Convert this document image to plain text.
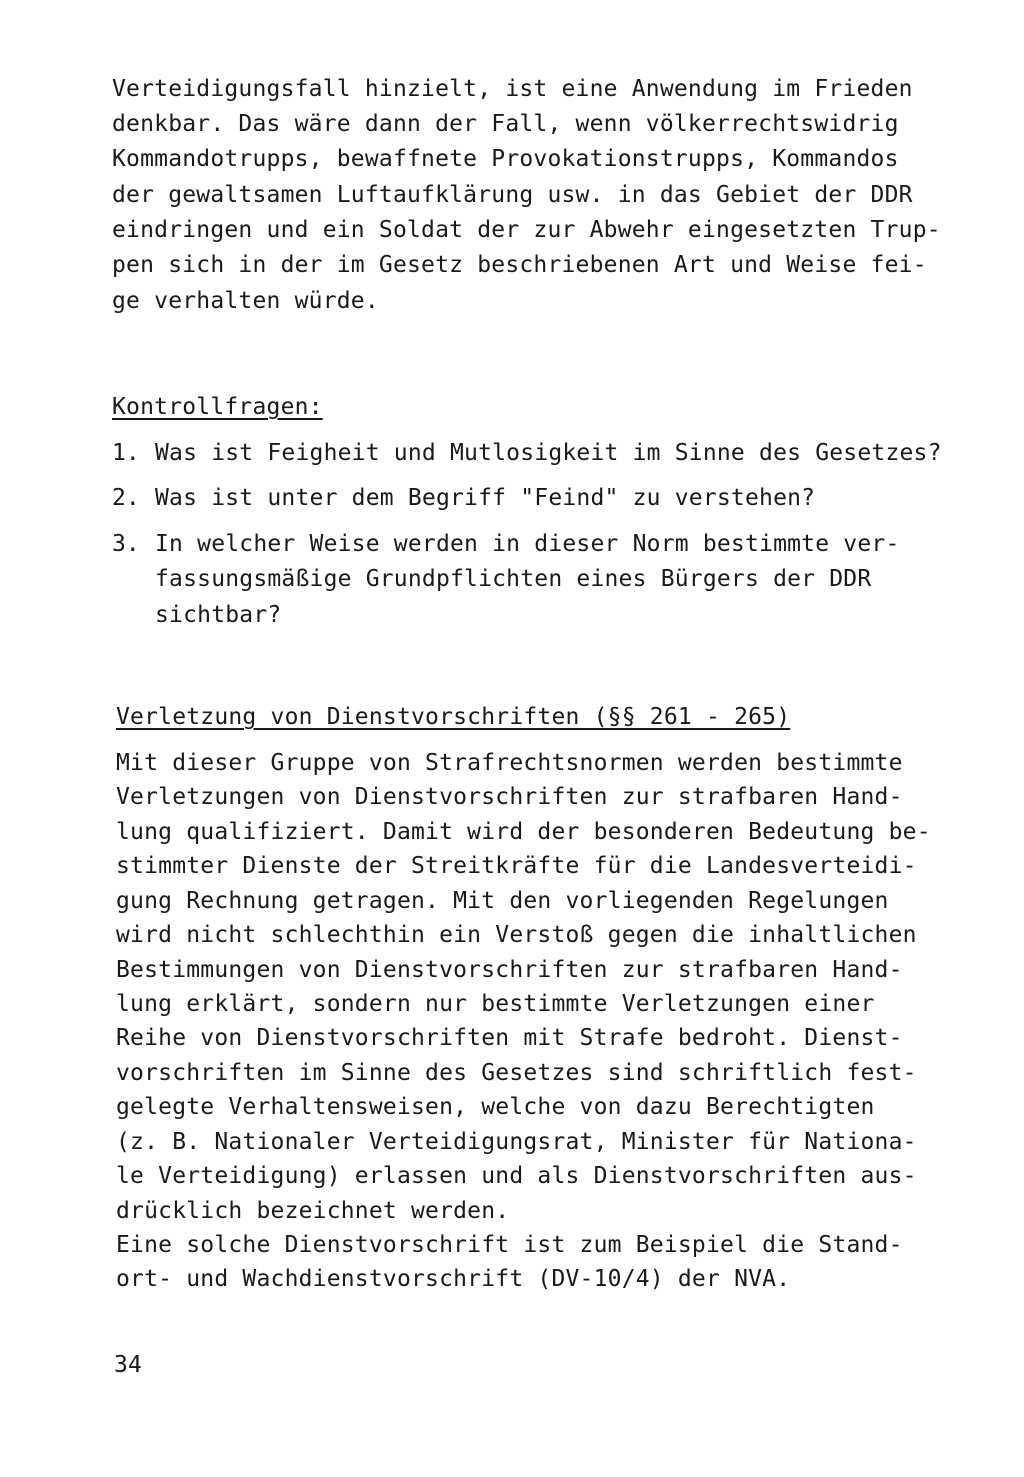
Verteidigungsfall hinzielt, ist eine Anwendung im Frieden
denkbar. Das wäre dann der Fall, wenn völkerrechtswidrig
Kommandotrupps, bewaffnete Provokationstrupps, Kommandos
der gewaltsamen Luftaufklärung usw. in das Gebiet der DDR
eindringen und ein Soldat der zur Abwehr eingesetzten Trup-
pen sich in der im Gesetz beschriebenen Art und Weise fei-
ge verhalten würde.
Kontrollfragen:
1. Was ist Feigheit und Mutlosigkeit im Sinne des Gesetzes?
2. Was ist unter dem Begriff "Feind" zu verstehen?
3. In welcher Weise werden in dieser Norm bestimmte ver-
fassungsmäßige Grundpflichten eines Bürgers der DDR
sichtbar?
Verletzung von Dienstvorschriften (§§ 261 - 265)
Mit dieser Gruppe von Strafrechtsnormen werden bestimmte
Verletzungen von Dienstvorschriften zur strafbaren Hand-
lung qualifiziert. Damit wird der besonderen Bedeutung be-
stimmter Dienste der Streitkräfte für die Landesverteidi-
gung Rechnung getragen. Mit den vorliegenden Regelungen
wird nicht schlechthin ein Verstoß gegen die inhaltlichen
Bestimmungen von Dienstvorschriften zur strafbaren Hand-
lung erklärt, sondern nur bestimmte Verletzungen einer
Reihe von Dienstvorschriften mit Strafe bedroht. Dienst-
vorschriften im Sinne des Gesetzes sind schriftlich fest-
gelegte Verhaltensweisen, welche von dazu Berechtigten
(z. B. Nationaler Verteidigungsrat, Minister für Nationa-
le Verteidigung) erlassen und als Dienstvorschriften aus-
drücklich bezeichnet werden.
Eine solche Dienstvorschrift ist zum Beispiel die Stand-
ort- und Wachdienstvorschrift (DV-10/4) der NVA.
34
